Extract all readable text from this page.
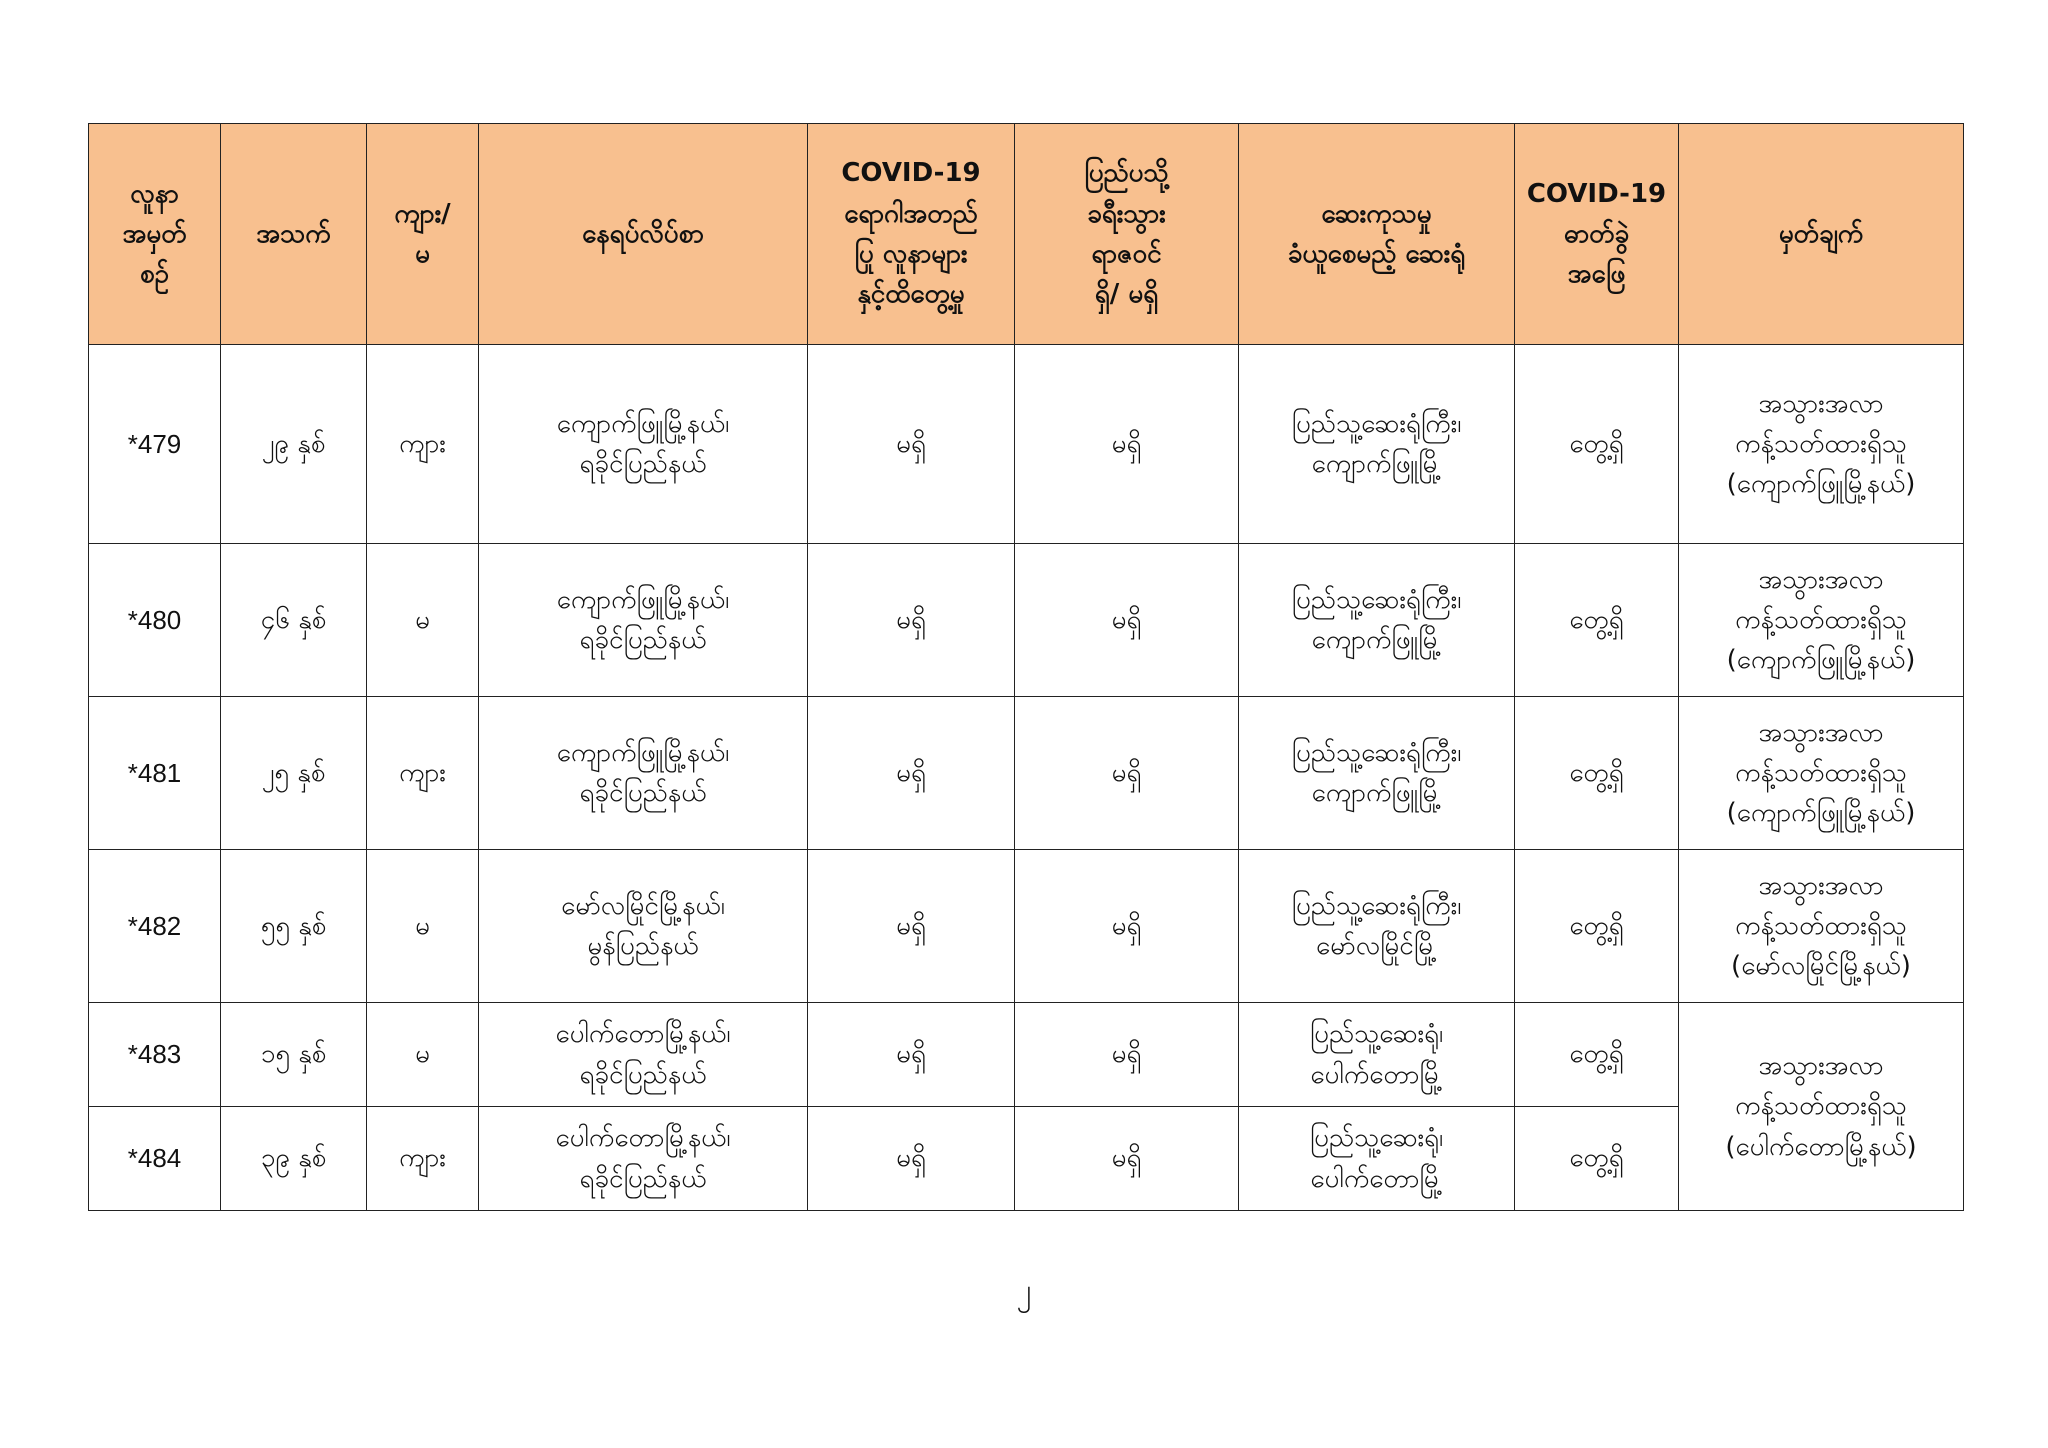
လူနာ
အမှတ်
စဉ်	အသက်	ကျား/
မ	နေရပ်လိပ်စာ	COVID-19
ရောဂါအတည်
ပြု လူနာများ
နှင့်ထိတွေ့မှု	ပြည်ပသို့
ခရီးသွား
ရာဇဝင်
ရှိ/ မရှိ	ဆေးကုသမှု
ခံယူစေမည့် ဆေးရုံ	COVID-19
ဓာတ်ခွဲ
အဖြေ	မှတ်ချက်

*479	၂၉ နှစ်	ကျား	ကျောက်ဖြူမြို့နယ်၊
ရခိုင်ပြည်နယ်	မရှိ	မရှိ	ပြည်သူ့ဆေးရုံကြီး၊
ကျောက်ဖြူမြို့	တွေ့ရှိ	အသွားအလာ
ကန့်သတ်ထားရှိသူ
(ကျောက်ဖြူမြို့နယ်)

*480	၄၆ နှစ်	မ	ကျောက်ဖြူမြို့နယ်၊
ရခိုင်ပြည်နယ်	မရှိ	မရှိ	ပြည်သူ့ဆေးရုံကြီး၊
ကျောက်ဖြူမြို့	တွေ့ရှိ	အသွားအလာ
ကန့်သတ်ထားရှိသူ
(ကျောက်ဖြူမြို့နယ်)

*481	၂၅ နှစ်	ကျား	ကျောက်ဖြူမြို့နယ်၊
ရခိုင်ပြည်နယ်	မရှိ	မရှိ	ပြည်သူ့ဆေးရုံကြီး၊
ကျောက်ဖြူမြို့	တွေ့ရှိ	အသွားအလာ
ကန့်သတ်ထားရှိသူ
(ကျောက်ဖြူမြို့နယ်)

*482	၅၅ နှစ်	မ	မော်လမြိုင်မြို့နယ်၊
မွန်ပြည်နယ်	မရှိ	မရှိ	ပြည်သူ့ဆေးရုံကြီး၊
မော်လမြိုင်မြို့	တွေ့ရှိ	အသွားအလာ
ကန့်သတ်ထားရှိသူ
(မော်လမြိုင်မြို့နယ်)

*483	၁၅ နှစ်	မ	ပေါက်တောမြို့နယ်၊
ရခိုင်ပြည်နယ်	မရှိ	မရှိ	ပြည်သူ့ဆေးရုံ၊
ပေါက်တောမြို့	တွေ့ရှိ	အသွားအလာ
ကန့်သတ်ထားရှိသူ
(ပေါက်တောမြို့နယ်)

*484	၃၉ နှစ်	ကျား	ပေါက်တောမြို့နယ်၊
ရခိုင်ပြည်နယ်	မရှိ	မရှိ	ပြည်သူ့ဆေးရုံ၊
ပေါက်တောမြို့	တွေ့ရှိ	
၂
